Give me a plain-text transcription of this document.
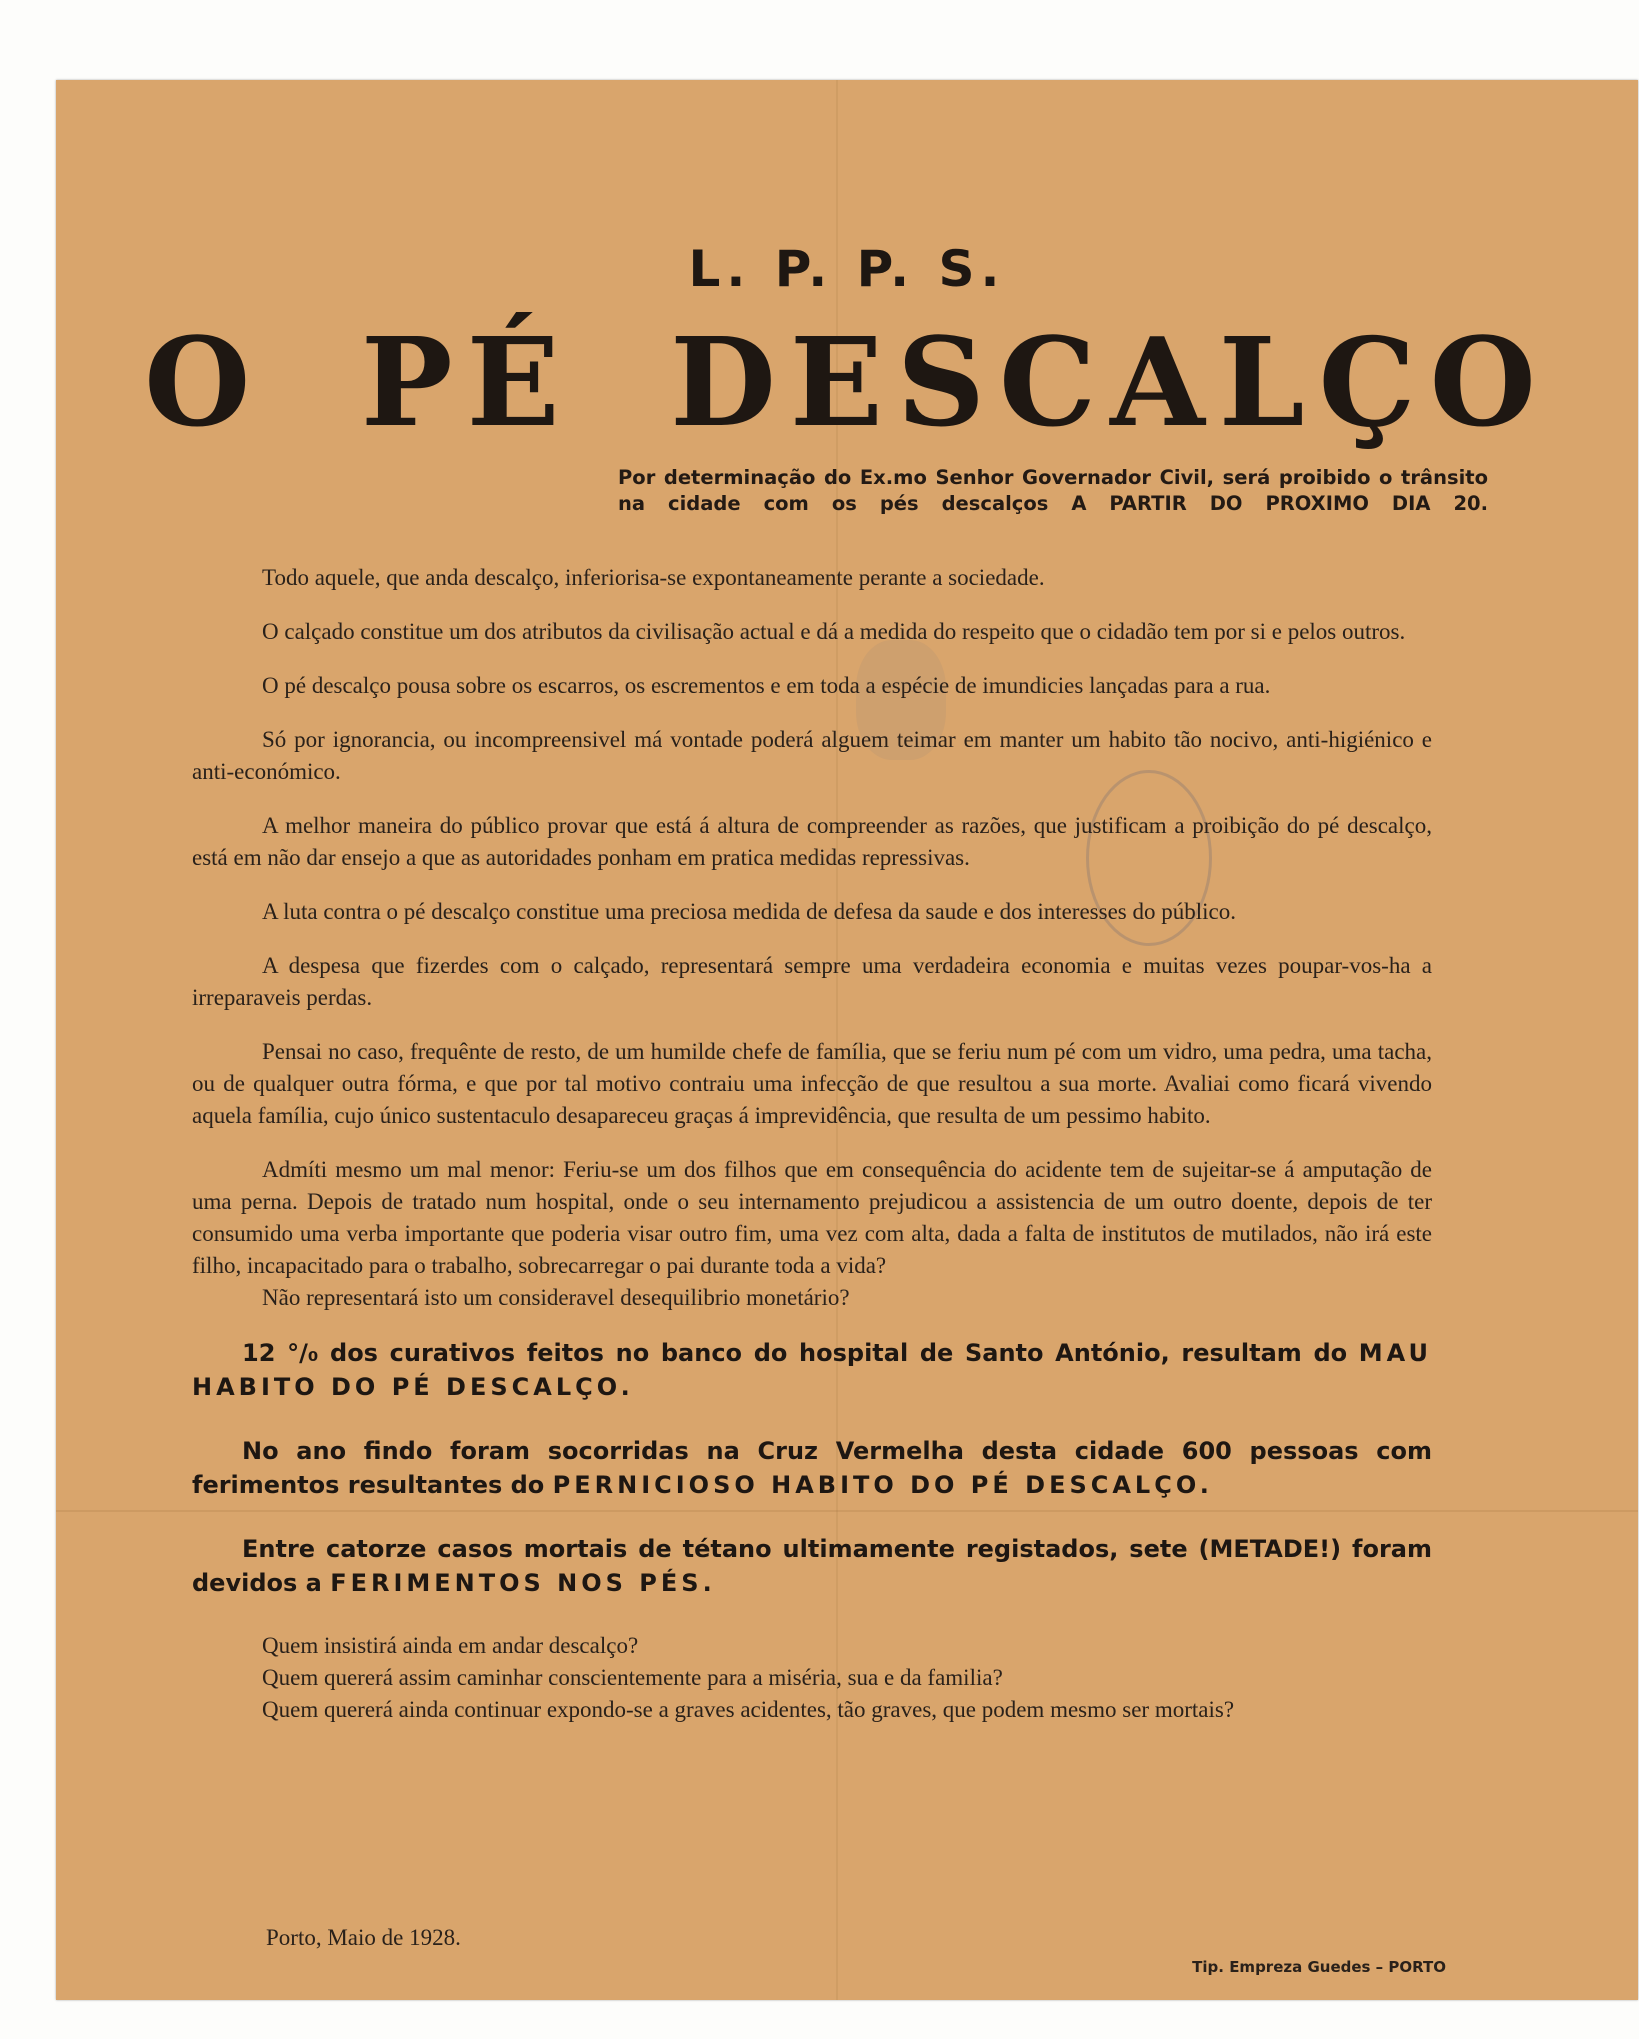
L. P. P. S.
O PÉ DESCALÇO
Por determinação do Ex.mo Senhor Governador Civil, será proibido o trânsito na cidade com os pés descalços A PARTIR DO PROXIMO DIA 20.

Todo aquele, que anda descalço, inferiorisa-se expontaneamente perante a sociedade.

O calçado constitue um dos atributos da civilisação actual e dá a medida do respeito que o cidadão tem por si e pelos outros.

O pé descalço pousa sobre os escarros, os escrementos e em toda a espécie de imundicies lançadas para a rua.

Só por ignorancia, ou incompreensivel má vontade poderá alguem teimar em manter um habito tão nocivo, anti-higiénico e anti-económico.

A melhor maneira do público provar que está á altura de compreender as razões, que justificam a proibição do pé descalço, está em não dar ensejo a que as autoridades ponham em pratica medidas repressivas.

A luta contra o pé descalço constitue uma preciosa medida de defesa da saude e dos interesses do público.

A despesa que fizerdes com o calçado, representará sempre uma verdadeira economia e muitas vezes poupar-vos-ha a irreparaveis perdas.

Pensai no caso, frequênte de resto, de um humilde chefe de família, que se feriu num pé com um vidro, uma pedra, uma tacha, ou de qualquer outra fórma, e que por tal motivo contraiu uma infecção de que resultou a sua morte. Avaliai como ficará vivendo aquela família, cujo único sustentaculo desapareceu graças á imprevidência, que resulta de um pessimo habito.

Admíti mesmo um mal menor: Feriu-se um dos filhos que em consequência do acidente tem de sujeitar-se á amputação de uma perna. Depois de tratado num hospital, onde o seu internamento prejudicou a assistencia de um outro doente, depois de ter consumido uma verba importante que poderia visar outro fim, uma vez com alta, dada a falta de institutos de mutilados, não irá este filho, incapacitado para o trabalho, sobrecarregar o pai durante toda a vida?

Não representará isto um consideravel desequilibrio monetário?

12 °/₀ dos curativos feitos no banco do hospital de Santo António, resultam do MAU HABITO DO PÉ DESCALÇO.
No ano findo foram socorridas na Cruz Vermelha desta cidade 600 pessoas com ferimentos resultantes do PERNICIOSO HABITO DO PÉ DESCALÇO.
Entre catorze casos mortais de tétano ultimamente registados, sete (METADE!) foram devidos a FERIMENTOS NOS PÉS.

Quem insistirá ainda em andar descalço?

Quem quererá assim caminhar conscientemente para a miséria, sua e da familia?

Quem quererá ainda continuar expondo-se a graves acidentes, tão graves, que podem mesmo ser mortais?

Porto, Maio de 1928.
Tip. Empreza Guedes – PORTO
